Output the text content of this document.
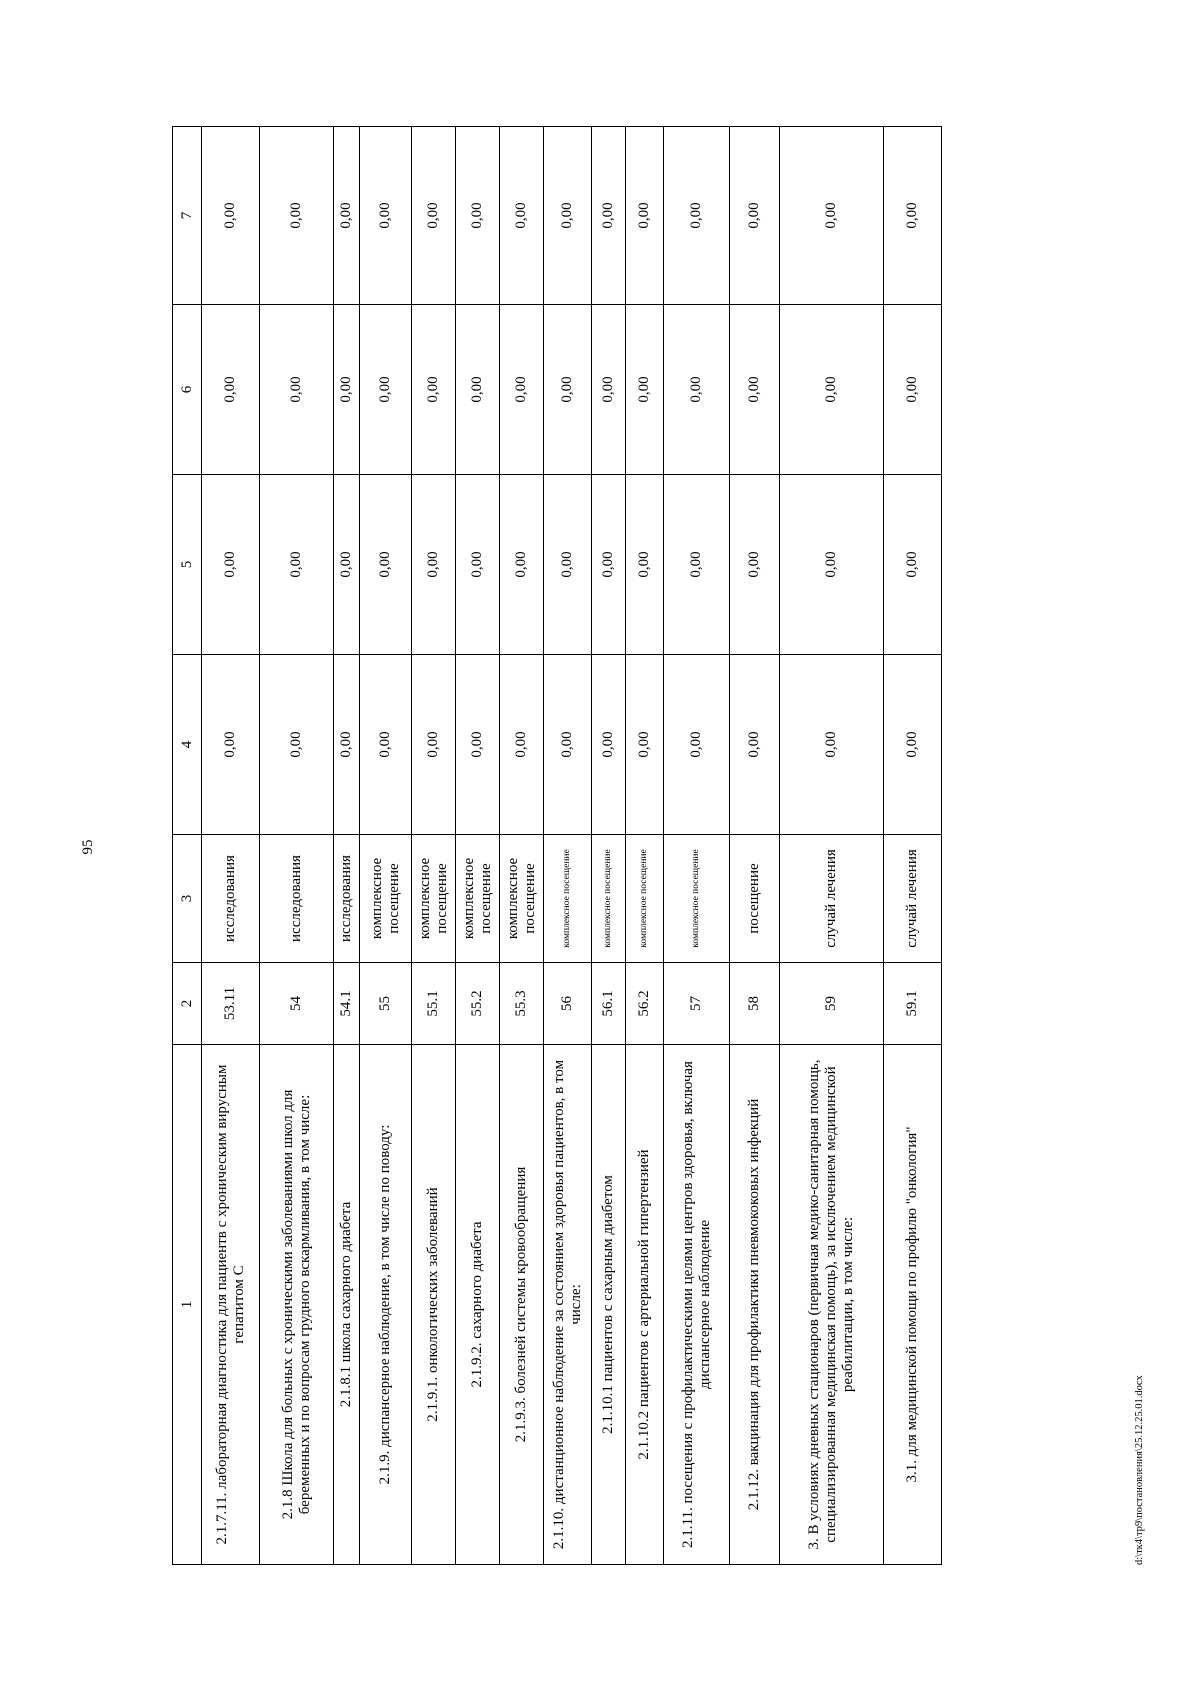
95
1	2	3	4	5	6	7
2.1.7.11. лабораторная диагностика для пациентв с хроническим вирусным гепатитом С	53.11	исследования	0,00	0,00	0,00	0,00
2.1.8 Школа для больных с хроническими заболеваниями школ для беременных и по вопросам грудного вскармливания, в том числе:	54	исследования	0,00	0,00	0,00	0,00
2.1.8.1 школа сахарного диабета	54.1	исследования	0,00	0,00	0,00	0,00
2.1.9. диспансерное наблюдение, в том числе по поводу:	55	комплексное посещение	0,00	0,00	0,00	0,00
2.1.9.1. онкологических заболеваний	55.1	комплексное посещение	0,00	0,00	0,00	0,00
2.1.9.2. сахарного диабета	55.2	комплексное посещение	0,00	0,00	0,00	0,00
2.1.9.3. болезней системы кровообращения	55.3	комплексное посещение	0,00	0,00	0,00	0,00
2.1.10. дистанционное наблюдение за состоянием здоровья пациентов, в том числе:	56	комплексное посещение	0,00	0,00	0,00	0,00
2.1.10.1 пациентов с сахарным диабетом	56.1	комплексное посещение	0,00	0,00	0,00	0,00
2.1.10.2 пациентов с артериальной гипертензией	56.2	комплексное посещение	0,00	0,00	0,00	0,00
2.1.11. посещения с профилактическими целями центров здоровья, включая диспансерное наблюдение	57	комплексное посещение	0,00	0,00	0,00	0,00
2.1.12. вакцинация для профилактики пневмококовых инфекций	58	посещение	0,00	0,00	0,00	0,00
3. В условиях дневных стационаров (первичная медико-санитарная помощь, специализированная медицинская помощь), за исключением медицинской реабилитации, в том числе:	59	случай лечения	0,00	0,00	0,00	0,00
3.1. для медицинской помощи по профилю "онкология"	59.1	случай лечения	0,00	0,00	0,00	0,00
d:\тк4\тр9\постановления\25.12.25.01.docx
